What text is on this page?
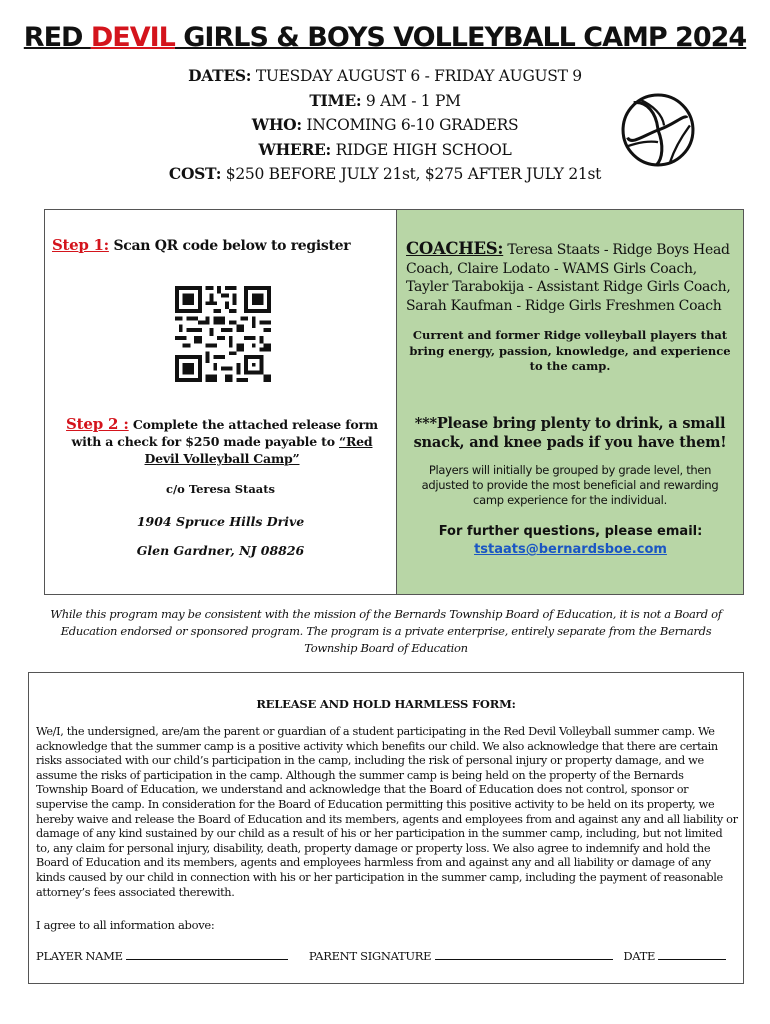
RED DEVIL GIRLS & BOYS VOLLEYBALL CAMP 2024
DATES: TUESDAY AUGUST 6 - FRIDAY AUGUST 9
TIME: 9 AM - 1 PM
WHO: INCOMING 6-10 GRADERS
WHERE: RIDGE HIGH SCHOOL
COST: $250 BEFORE JULY 21st, $275 AFTER JULY 21st
Step 1: Scan QR code below to register
Step 2 : Complete the attached release form with a check for $250 made payable to “Red Devil Volleyball Camp”
c/o Teresa Staats
1904 Spruce Hills Drive
Glen Gardner, NJ 08826
COACHES: Teresa Staats - Ridge Boys Head Coach, Claire Lodato - WAMS Girls Coach, Tayler Tarabokija - Assistant Ridge Girls Coach, Sarah Kaufman - Ridge Girls Freshmen Coach
Current and former Ridge volleyball players that bring energy, passion, knowledge, and experience to the camp.
***Please bring plenty to drink, a small snack, and knee pads if you have them!
Players will initially be grouped by grade level, then adjusted to provide the most beneficial and rewarding camp experience for the individual.
For further questions, please email:
tstaats@bernardsboe.com
While this program may be consistent with the mission of the Bernards Township Board of Education, it is not a Board of Education endorsed or sponsored program. The program is a private enterprise, entirely separate from the Bernards Township Board of Education
RELEASE AND HOLD HARMLESS FORM:
We/I, the undersigned, are/am the parent or guardian of a student participating in the Red Devil Volleyball summer camp. We acknowledge that the summer camp is a positive activity which benefits our child. We also acknowledge that there are certain risks associated with our child’s participation in the camp, including the risk of personal injury or property damage, and we assume the risks of participation in the camp. Although the summer camp is being held on the property of the Bernards Township Board of Education, we understand and acknowledge that the Board of Education does not control, sponsor or supervise the camp. In consideration for the Board of Education permitting this positive activity to be held on its property, we hereby waive and release the Board of Education and its members, agents and employees from and against any and all liability or damage of any kind sustained by our child as a result of his or her participation in the summer camp, including, but not limited to, any claim for personal injury, disability, death, property damage or property loss. We also agree to indemnify and hold the Board of Education and its members, agents and employees harmless from and against any and all liability or damage of any kinds caused by our child in connection with his or her participation in the summer camp, including the payment of reasonable attorney’s fees associated therewith.
I agree to all information above:
PLAYER NAME	PARENT SIGNATURE	DATE
